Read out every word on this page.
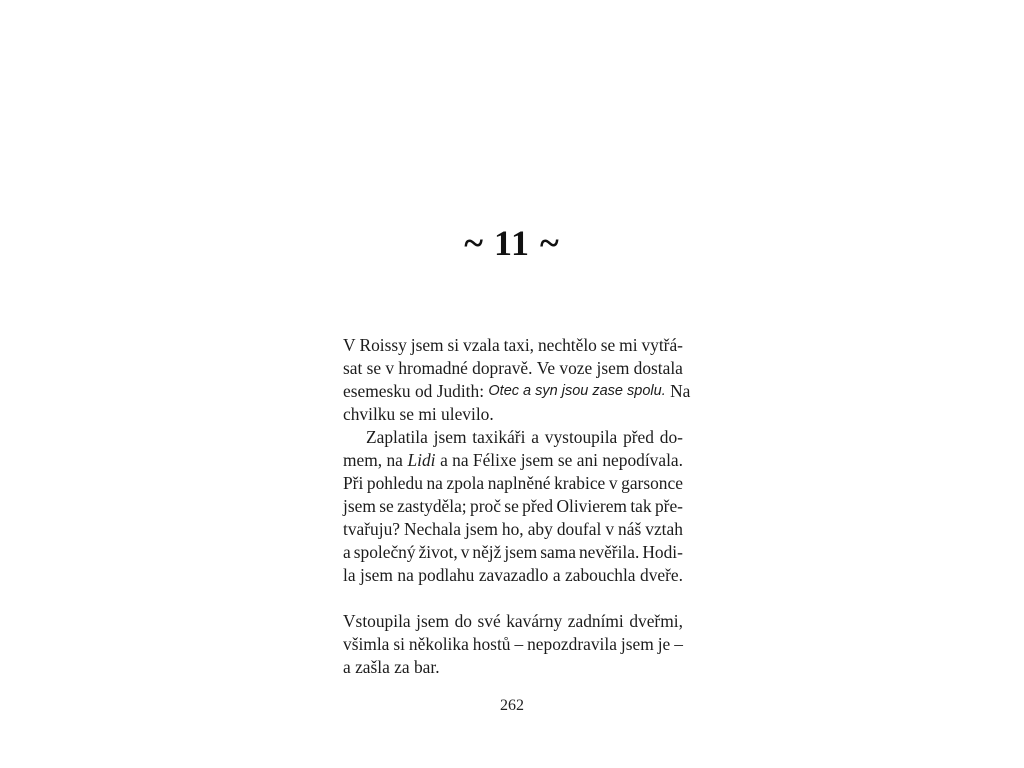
~ 11 ~
V Roissy jsem si vzala taxi, nechtělo se mi vytřá-
sat se v hromadné dopravě. Ve voze jsem dostala
esemesku od Judith: Otec a syn jsou zase spolu. Na
chvilku se mi ulevilo.
Zaplatila jsem taxikáři a vystoupila před do-
mem, na Lidi a na Félixe jsem se ani nepodívala.
Při pohledu na zpola naplněné krabice v garsonce
jsem se zastyděla; proč se před Olivierem tak pře-
tvařuju? Nechala jsem ho, aby doufal v náš vztah
a společný život, v nějž jsem sama nevěřila. Hodi-
la jsem na podlahu zavazadlo a zabouchla dveře.
Vstoupila jsem do své kavárny zadními dveřmi,
všimla si několika hostů – nepozdravila jsem je –
a zašla za bar.
262
